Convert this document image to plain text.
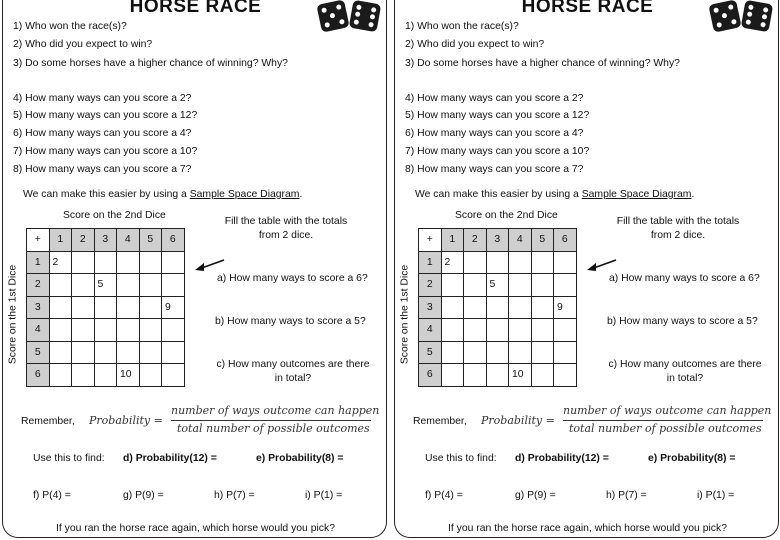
HORSE RACE
1) Who won the race(s)?
2) Who did you expect to win?
3) Do some horses have a higher chance of winning? Why?
4) How many ways can you score a 2?
5) How many ways can you score a 12?
6) How many ways can you score a 4?
7) How many ways can you score a 10?
8) How many ways can you score a 7?
We can make this easier by using a Sample Space Diagram.
Score on the 2nd Dice
Score on the 1st Dice
Fill the table with the totals from 2 dice.
+	1	2	3	4	5	6
1	2					
2			5			
3						9
4						
5						
6				10		
a) How many ways to score a 6?
b) How many ways to score a 5?
c) How many outcomes are there in total?
Remember, Probability =
number of ways outcome can happen
total number of possible outcomes
Use this to find: d) Probability(12) =	e) Probability(8) =
f) P(4) =	g) P(9) =	h) P(7) =	i) P(1) =
If you ran the horse race again, which horse would you pick?
HORSE RACE
1) Who won the race(s)?
2) Who did you expect to win?
3) Do some horses have a higher chance of winning? Why?
4) How many ways can you score a 2?
5) How many ways can you score a 12?
6) How many ways can you score a 4?
7) How many ways can you score a 10?
8) How many ways can you score a 7?
We can make this easier by using a Sample Space Diagram.
Score on the 2nd Dice
Score on the 1st Dice
Fill the table with the totals from 2 dice.
+	1	2	3	4	5	6
1	2					
2			5			
3						9
4						
5						
6				10		
a) How many ways to score a 6?
b) How many ways to score a 5?
c) How many outcomes are there in total?
Remember, Probability =
number of ways outcome can happen
total number of possible outcomes
Use this to find: d) Probability(12) =	e) Probability(8) =
f) P(4) =	g) P(9) =	h) P(7) =	i) P(1) =
If you ran the horse race again, which horse would you pick?
